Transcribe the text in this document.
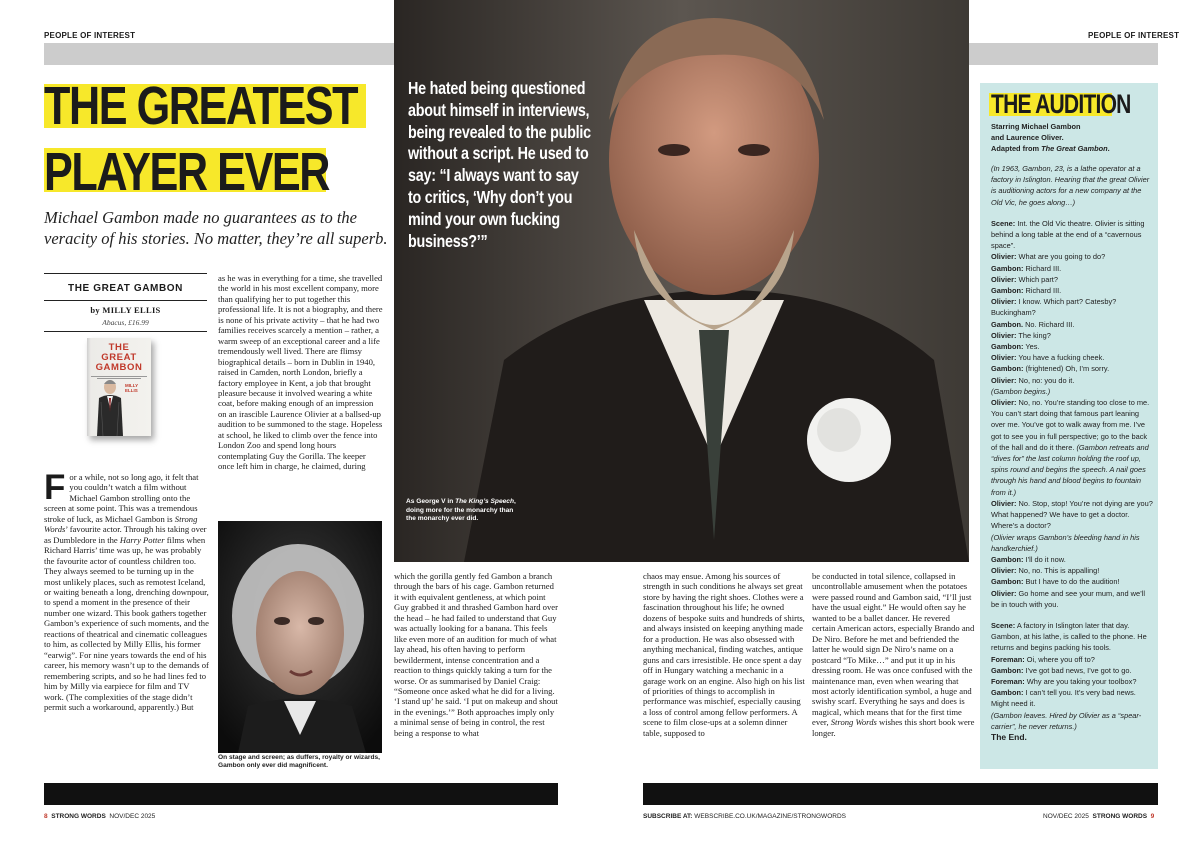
PEOPLE OF INTEREST	PEOPLE OF INTEREST
THE GREATEST
PLAYER EVER
Michael Gambon made no guarantees as to the veracity of his stories. No matter, they’re all superb.
THE GREAT GAMBON
by MILLY ELLIS
Abacus, £16.99
THE
GREAT
GAMBON
MILLY ELLIS
For a while, not so long ago, it felt that you couldn’t watch a film without Michael Gambon strolling onto the screen at some point. This was a tremendous stroke of luck, as Michael Gambon is Strong Words’ favourite actor. Through his taking over as Dumbledore in the Harry Potter films when Richard Harris’ time was up, he was probably the favourite actor of countless children too. They always seemed to be turning up in the most unlikely places, such as remotest Iceland, or waiting beneath a long, drenching downpour, to spend a moment in the presence of their number one wizard. This book gathers together Gambon’s experience of such moments, and the reactions of theatrical and cinematic colleagues to him, as collected by Milly Ellis, his former “earwig”. For nine years towards the end of his career, his memory wasn’t up to the demands of remembering scripts, and so he had lines fed to him by Milly via earpiece for film and TV work. (The complexities of the stage didn’t permit such a workaround, apparently.) But
as he was in everything for a time, she travelled the world in his most excellent company, more than qualifying her to put together this professional life. It is not a biography, and there is none of his private activity – that he had two families receives scarcely a mention – rather, a warm sweep of an exceptional career and a life tremendously well lived. There are flimsy biographical details – born in Dublin in 1940, raised in Camden, north London, briefly a factory employee in Kent, a job that brought pleasure because it involved wearing a white coat, before making enough of an impression on an irascible Laurence Olivier at a ballsed-up audition to be summoned to the stage. Hopeless at school, he liked to climb over the fence into London Zoo and spend long hours contemplating Guy the Gorilla. The keeper once left him in charge, he claimed, during
On stage and screen; as duffers, royalty or wizards, Gambon only ever did magnificent.
He hated being questioned about himself in interviews, being revealed to the public without a script. He used to say: “I always want to say to critics, ‘Why don’t you mind your own fucking business?’”
As George V in The King’s Speech, doing more for the monarchy than the monarchy ever did.
which the gorilla gently fed Gambon a branch through the bars of his cage. Gambon returned it with equivalent gentleness, at which point Guy grabbed it and thrashed Gambon hard over the head – he had failed to understand that Guy was actually looking for a banana. This feels like even more of an audition for much of what lay ahead, his often having to perform bewilderment, intense concentration and a reaction to things quickly taking a turn for the worse. Or as summarised by Daniel Craig: “Someone once asked what he did for a living. ‘I stand up’ he said. ‘I put on makeup and shout in the evenings.’” Both approaches imply only a minimal sense of being in control, the rest being a response to what
chaos may ensue. Among his sources of strength in such conditions he always set great store by having the right shoes. Clothes were a fascination throughout his life; he owned dozens of bespoke suits and hundreds of shirts, and always insisted on keeping anything made for a production. He was also obsessed with anything mechanical, finding watches, antique guns and cars irresistible. He once spent a day off in Hungary watching a mechanic in a garage work on an engine. Also high on his list of priorities of things to accomplish in performance was mischief, especially causing a loss of control among fellow performers. A scene to film close-ups at a solemn dinner table, supposed to
be conducted in total silence, collapsed in uncontrollable amusement when the potatoes were passed round and Gambon said, “I’ll just have the usual eight.” He would often say he wanted to be a ballet dancer. He revered certain American actors, especially Brando and De Niro. Before he met and befriended the latter he would sign De Niro’s name on a postcard “To Mike…” and put it up in his dressing room. He was once confused with the maintenance man, even when wearing that most actorly identification symbol, a huge and swishy scarf. Everything he says and does is magical, which means that for the first time ever, Strong Words wishes this short book were longer.
THE AUDITION
Starring Michael Gambon
and Laurence Oliver.
Adapted from The Great Gambon.
(In 1963, Gambon, 23, is a lathe operator at a factory in Islington. Hearing that the great Olivier is auditioning actors for a new company at the Old Vic, he goes along…)
Scene: Int. the Old Vic theatre. Olivier is sitting behind a long table at the end of a “cavernous space”.
Olivier: What are you going to do?
Gambon: Richard III.
Olivier: Which part?
Gambon: Richard III.
Olivier: I know. Which part? Catesby? Buckingham?
Gambon. No. Richard III.
Olivier: The king?
Gambon: Yes.
Olivier: You have a fucking cheek.
Gambon: (frightened) Oh, I’m sorry.
Olivier: No, no: you do it.
(Gambon begins.)
Olivier: No, no. You’re standing too close to me. You can’t start doing that famous part leaning over me. You’ve got to walk away from me. I’ve got to see you in full perspective; go to the back of the hall and do it there. (Gambon retreats and “dives for” the last column holding the roof up, spins round and begins the speech. A nail goes through his hand and blood begins to fountain from it.)
Olivier: No. Stop, stop! You’re not dying are you? What happened? We have to get a doctor. Where’s a doctor?
(Olivier wraps Gambon’s bleeding hand in his handkerchief.)
Gambon: I’ll do it now.
Olivier: No, no. This is appalling!
Gambon: But I have to do the audition!
Olivier: Go home and see your mum, and we’ll be in touch with you.
Scene: A factory in Islington later that day. Gambon, at his lathe, is called to the phone. He returns and begins packing his tools.
Foreman: Oi, where you off to?
Gambon: I’ve got bad news, I’ve got to go.
Foreman: Why are you taking your toolbox?
Gambon: I can’t tell you. It’s very bad news. Might need it.
(Gambon leaves. Hired by Olivier as a “spear-carrier”, he never returns.)
The End.
8 STRONG WORDS NOV/DEC 2025	SUBSCRIBE AT: WEBSCRIBE.CO.UK/MAGAZINE/STRONGWORDS	NOV/DEC 2025 STRONG WORDS 9
